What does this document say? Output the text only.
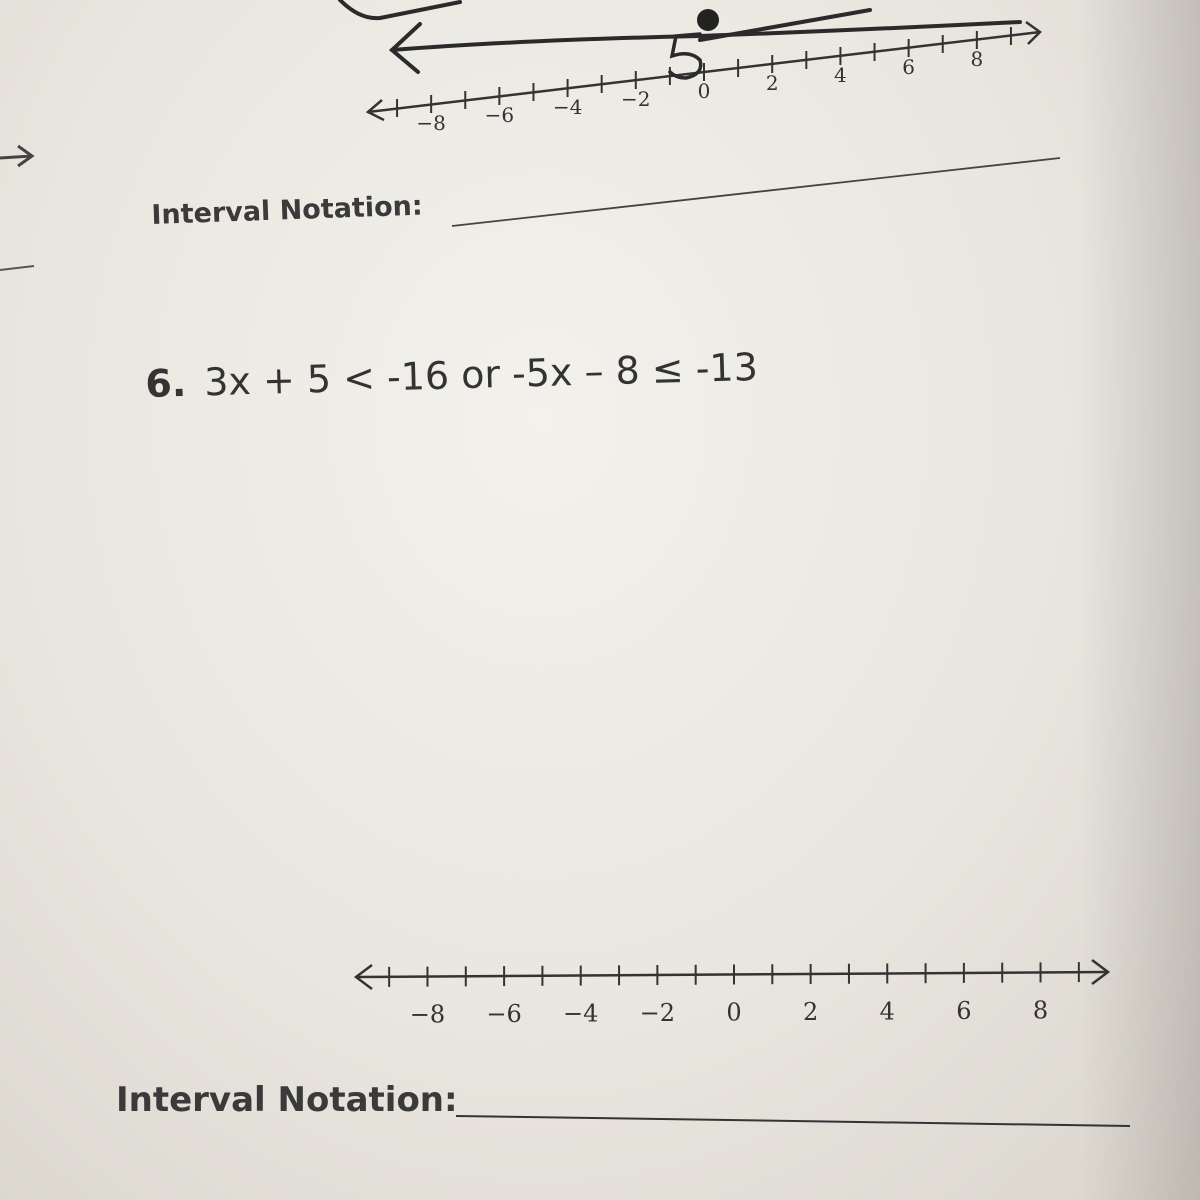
−8 −6 −4 −2 0	2	4	6	8
−8 −6 −4 −2 0	2	4	6	8
Interval Notation:
6. 3x + 5 < -16 or -5x – 8 ≤ -13
Interval Notation:
